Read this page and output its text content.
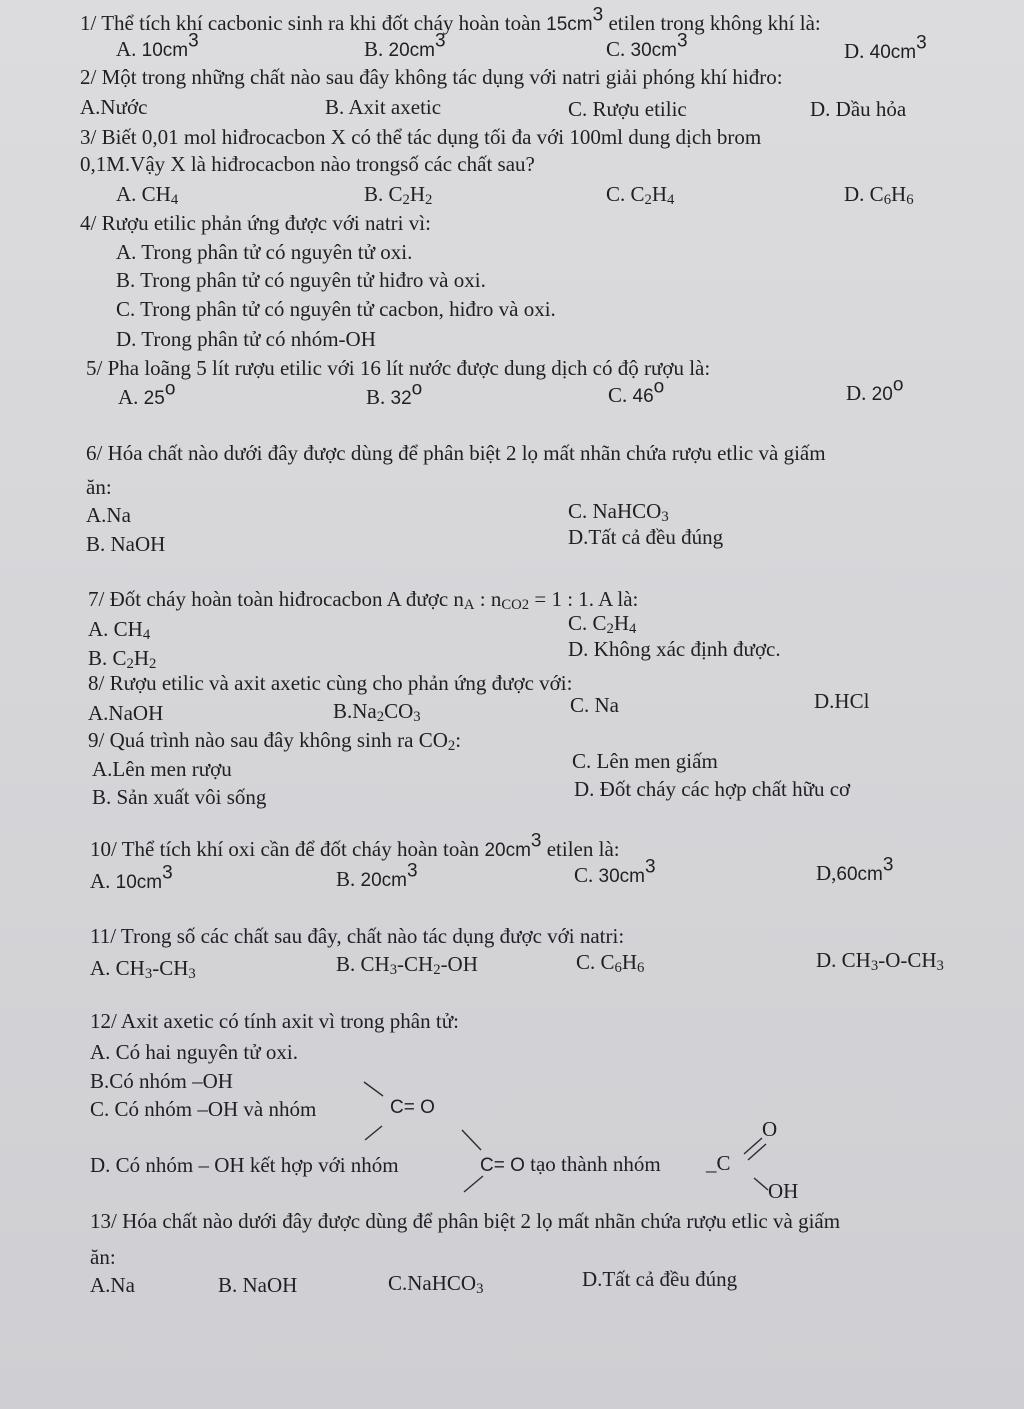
1/ Thể tích khí cacbonic sinh ra khi đốt cháy hoàn toàn $15cm^3$ etilen trong không khí là:
A. $10cm^3$	B. $20cm^3$	C. $30cm^3$	D. $40cm^3$
2/ Một trong những chất nào sau đây không tác dụng với natri giải phóng khí hiđro:
A.Nước	B. Axit axetic	C. Rượu etilic	D. Dầu hỏa
3/ Biết 0,01 mol hiđrocacbon X có thể tác dụng tối đa với 100ml dung dịch brom
0,1M.Vậy X là hiđrocacbon nào trongsố các chất sau?
A. $CH_4$	B. $C_2H_2$	C. $C_2H_4$	D. $C_6H_6$
4/ Rượu etilic phản ứng được với natri vì:
A. Trong phân tử có nguyên tử oxi.
B. Trong phân tử có nguyên tử hiđro và oxi.
C. Trong phân tử có nguyên tử cacbon, hiđro và oxi.
D. Trong phân tử có nhóm-OH
5/ Pha loãng 5 lít rượu etilic với 16 lít nước được dung dịch có độ rượu là:
A. 25$^o$	B. 32$^o$	C. 46$^o$	D. 20$^o$
6/ Hóa chất nào dưới đây được dùng để phân biệt 2 lọ mất nhãn chứa rượu etlic và giấm
ăn:
A.Na	C. NaHCO$_3$
B. NaOH	D.Tất cả đều đúng
7/ Đốt cháy hoàn toàn hiđrocacbon A được $n_A$ : $n_{CO2} = 1$ : 1. A là:
A. $CH_4$	C. $C_2H_4$
B. $C_2H_2$
D. Không xác định được.
8/ Rượu etilic và axit axetic cùng cho phản ứng được với:
A.NaOH	$B.Na_2CO_3$	C. Na	D.HCl
9/ Quá trình nào sau đây không sinh ra $CO_2$:
A.Lên men rượu	C. Lên men giấm
B. Sản xuất vôi sống	D. Đốt cháy các hợp chất hữu cơ
10/ Thể tích khí oxi cần để đốt cháy hoàn toàn $20cm^3$ etilen là:
A. $10cm^3$	B. $20cm^3$	C. $30cm^3$	$D,60cm^3$
11/ Trong số các chất sau đây, chất nào tác dụng được với natri:
A. $CH_3-CH_3$	B. $CH_3-CH_2-OH$	C. $C_6H_6$	D. $CH_3-O-CH_3$
12/ Axit axetic có tính axit vì trong phân tử:
A. Có hai nguyên tử oxi.
B.Có nhóm –OH
C. Có nhóm –OH và nhóm	C= O
D. Có nhóm – OH kết hợp với nhóm	C= O tạo thành nhóm _C
O
OH
13/ Hóa chất nào dưới đây được dùng để phân biệt 2 lọ mất nhãn chứa rượu etlic và giấm
ăn:
A.Na	B. NaOH	C.NaHCO$_3$	D.Tất cả đều đúng
